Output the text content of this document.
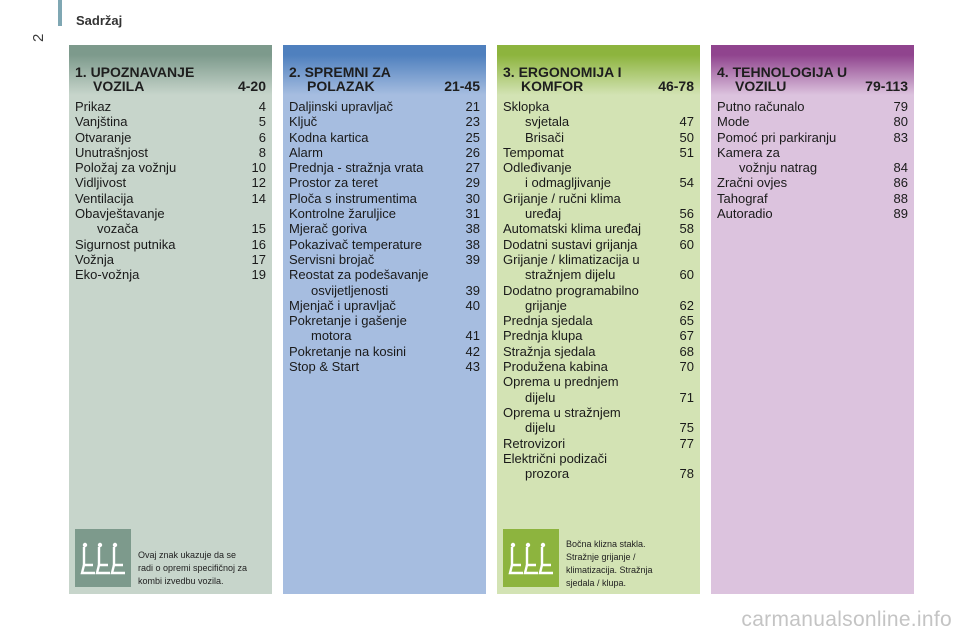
2
Sadržaj
1. UPOZNAVANJE
VOZILA	4-20
Prikaz	4
Vanjština	5
Otvaranje	6
Unutrašnjost	8
Položaj za vožnju	10
Vidljivost	12
Ventilacija	14
Obavještavanje
vozača	15
Sigurnost putnika	16
Vožnja	17
Eko-vožnja	19
Ovaj znak ukazuje da se
radi o opremi specifičnoj za
kombi izvedbu vozila.
2. SPREMNI ZA
POLAZAK	21-45
Daljinski upravljač	21
Ključ	23
Kodna kartica	25
Alarm	26
Prednja - stražnja vrata	27
Prostor za teret	29
Ploča s instrumentima	30
Kontrolne žaruljice	31
Mjerač goriva	38
Pokazivač temperature	38
Servisni brojač	39
Reostat za podešavanje
osvijetljenosti	39
Mjenjač i upravljač	40
Pokretanje i gašenje
motora	41
Pokretanje na kosini	42
Stop & Start	43
3. ERGONOMIJA I
KOMFOR	46-78
Sklopka
svjetala	47
Brisači	50
Tempomat	51
Odleđivanje
i odmagljivanje	54
Grijanje / ručni klima
uređaj	56
Automatski klima uređaj	58
Dodatni sustavi grijanja	60
Grijanje / klimatizacija u
stražnjem dijelu	60
Dodatno programabilno
grijanje	62
Prednja sjedala	65
Prednja klupa	67
Stražnja sjedala	68
Produžena kabina	70
Oprema u prednjem
dijelu	71
Oprema u stražnjem
dijelu	75
Retrovizori	77
Električni podizači
prozora	78
Bočna klizna stakla.
Stražnje grijanje /
klimatizacija. Stražnja
sjedala / klupa.
4. TEHNOLOGIJA U
VOZILU	79-113
Putno računalo	79
Mode	80
Pomoć pri parkiranju	83
Kamera za
vožnju natrag	84
Zračni ovjes	86
Tahograf	88
Autoradio	89
carmanualsonline.info
